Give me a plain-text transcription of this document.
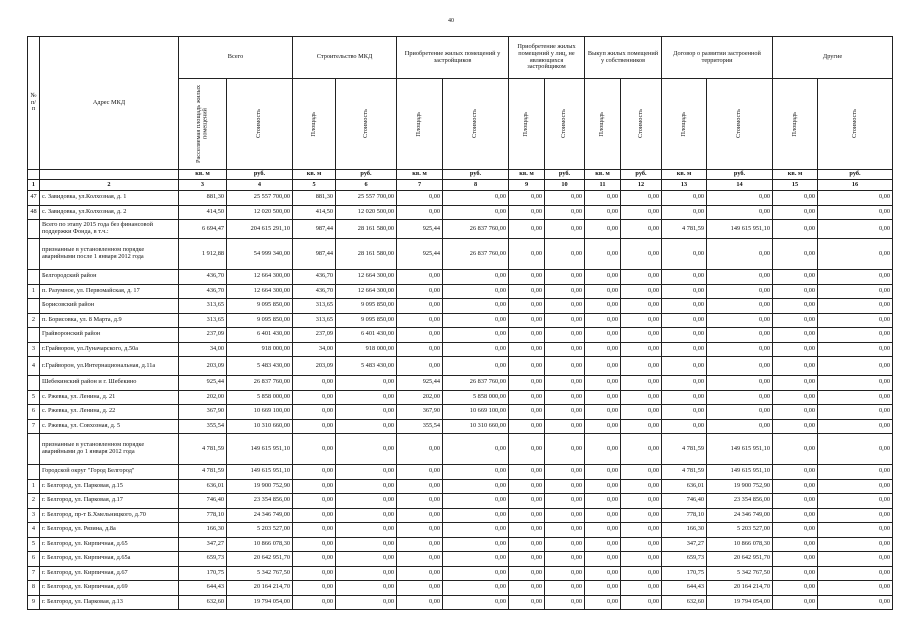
40
№ п/п	Адрес МКД	Всего		Строительство МКД		Приобретение жилых помещений у застройщиков		Приобретение жилых помещений у лиц, не являющихся застройщиком		Выкуп жилых помещений у собственников		Договор о развитии застроенной территории		Другие	

		Расселяемая площадь жилых помещений	Стоимость	Площадь	Стоимость	Площадь	Стоимость	Площадь	Стоимость	Площадь	Стоимость	Площадь	Стоимость	Площадь	Стоимость

		кв. м	руб.	кв. м	руб.	кв. м	руб.	кв. м	руб.	кв. м	руб.	кв. м	руб.	кв. м	руб.
1	2	3	4	5	6	7	8	9	10	11	12	13	14	15	16
47	с. Завидовка, ул.Колхозная, д. 1	881,30	25 557 700,00	881,30	25 557 700,00	0,00	0,00	0,00	0,00	0,00	0,00	0,00	0,00	0,00	0,00
48	с. Завидовка, ул.Колхозная, д. 2	414,50	12 020 500,00	414,50	12 020 500,00	0,00	0,00	0,00	0,00	0,00	0,00	0,00	0,00	0,00	0,00
	Всего по этапу 2015 года без финансовой поддержки Фонда, в т.ч.:	6 694,47	204 615 291,10	987,44	28 161 580,00	925,44	26 837 760,00	0,00	0,00	0,00	0,00	4 781,59	149 615 951,10	0,00	0,00
	признанные в установленном порядке аварийными после 1 января 2012 года	1 912,88	54 999 340,00	987,44	28 161 580,00	925,44	26 837 760,00	0,00	0,00	0,00	0,00	0,00	0,00	0,00	0,00
	Белгородский район	436,70	12 664 300,00	436,70	12 664 300,00	0,00	0,00	0,00	0,00	0,00	0,00	0,00	0,00	0,00	0,00
1	п. Разумное, ул. Первомайская, д. 17	436,70	12 664 300,00	436,70	12 664 300,00	0,00	0,00	0,00	0,00	0,00	0,00	0,00	0,00	0,00	0,00
	Борисовский район	313,65	9 095 850,00	313,65	9 095 850,00	0,00	0,00	0,00	0,00	0,00	0,00	0,00	0,00	0,00	0,00
2	п. Борисовка, ул. 8 Марта, д.9	313,65	9 095 850,00	313,65	9 095 850,00	0,00	0,00	0,00	0,00	0,00	0,00	0,00	0,00	0,00	0,00
	Грайворонский район	237,09	6 401 430,00	237,09	6 401 430,00	0,00	0,00	0,00	0,00	0,00	0,00	0,00	0,00	0,00	0,00
3	г.Грайворон, ул.Луначарского, д.50а	34,00	918 000,00	34,00	918 000,00	0,00	0,00	0,00	0,00	0,00	0,00	0,00	0,00	0,00	0,00
4	г.Грайворон, ул.Интернациональная, д.11а	203,09	5 483 430,00	203,09	5 483 430,00	0,00	0,00	0,00	0,00	0,00	0,00	0,00	0,00	0,00	0,00
	Шебекинский район и г. Шебекино	925,44	26 837 760,00	0,00	0,00	925,44	26 837 760,00	0,00	0,00	0,00	0,00	0,00	0,00	0,00	0,00
5	с. Ржевка, ул. Ленина, д. 21	202,00	5 858 000,00	0,00	0,00	202,00	5 858 000,00	0,00	0,00	0,00	0,00	0,00	0,00	0,00	0,00
6	с. Ржевка, ул. Ленина, д. 22	367,90	10 669 100,00	0,00	0,00	367,90	10 669 100,00	0,00	0,00	0,00	0,00	0,00	0,00	0,00	0,00
7	с. Ржевка, ул. Совхозная, д. 5	355,54	10 310 660,00	0,00	0,00	355,54	10 310 660,00	0,00	0,00	0,00	0,00	0,00	0,00	0,00	0,00
	признанные в установленном порядке аварийными до 1 января 2012 года	4 781,59	149 615 951,10	0,00	0,00	0,00	0,00	0,00	0,00	0,00	0,00	4 781,59	149 615 951,10	0,00	0,00
	Городской округ "Город Белгород"	4 781,59	149 615 951,10	0,00	0,00	0,00	0,00	0,00	0,00	0,00	0,00	4 781,59	149 615 951,10	0,00	0,00
1	г. Белгород, ул. Парковая, д.15	636,01	19 900 752,90	0,00	0,00	0,00	0,00	0,00	0,00	0,00	0,00	636,01	19 900 752,90	0,00	0,00
2	г. Белгород, ул. Парковая, д.17	746,40	23 354 856,00	0,00	0,00	0,00	0,00	0,00	0,00	0,00	0,00	746,40	23 354 856,00	0,00	0,00
3	г. Белгород, пр-т Б.Хмельницкого, д.70	778,10	24 346 749,00	0,00	0,00	0,00	0,00	0,00	0,00	0,00	0,00	778,10	24 346 749,00	0,00	0,00
4	г. Белгород, ул. Рязина, д.8а	166,30	5 203 527,00	0,00	0,00	0,00	0,00	0,00	0,00	0,00	0,00	166,30	5 203 527,00	0,00	0,00
5	г. Белгород, ул. Кирпичная, д.65	347,27	10 866 078,30	0,00	0,00	0,00	0,00	0,00	0,00	0,00	0,00	347,27	10 866 078,30	0,00	0,00
6	г. Белгород, ул. Кирпичная, д.65а	659,73	20 642 951,70	0,00	0,00	0,00	0,00	0,00	0,00	0,00	0,00	659,73	20 642 951,70	0,00	0,00
7	г. Белгород, ул. Кирпичная, д.67	170,75	5 342 767,50	0,00	0,00	0,00	0,00	0,00	0,00	0,00	0,00	170,75	5 342 767,50	0,00	0,00
8	г. Белгород, ул. Кирпичная, д.69	644,43	20 164 214,70	0,00	0,00	0,00	0,00	0,00	0,00	0,00	0,00	644,43	20 164 214,70	0,00	0,00
9	г. Белгород, ул. Парковая, д.13	632,60	19 794 054,00	0,00	0,00	0,00	0,00	0,00	0,00	0,00	0,00	632,60	19 794 054,00	0,00	0,00
